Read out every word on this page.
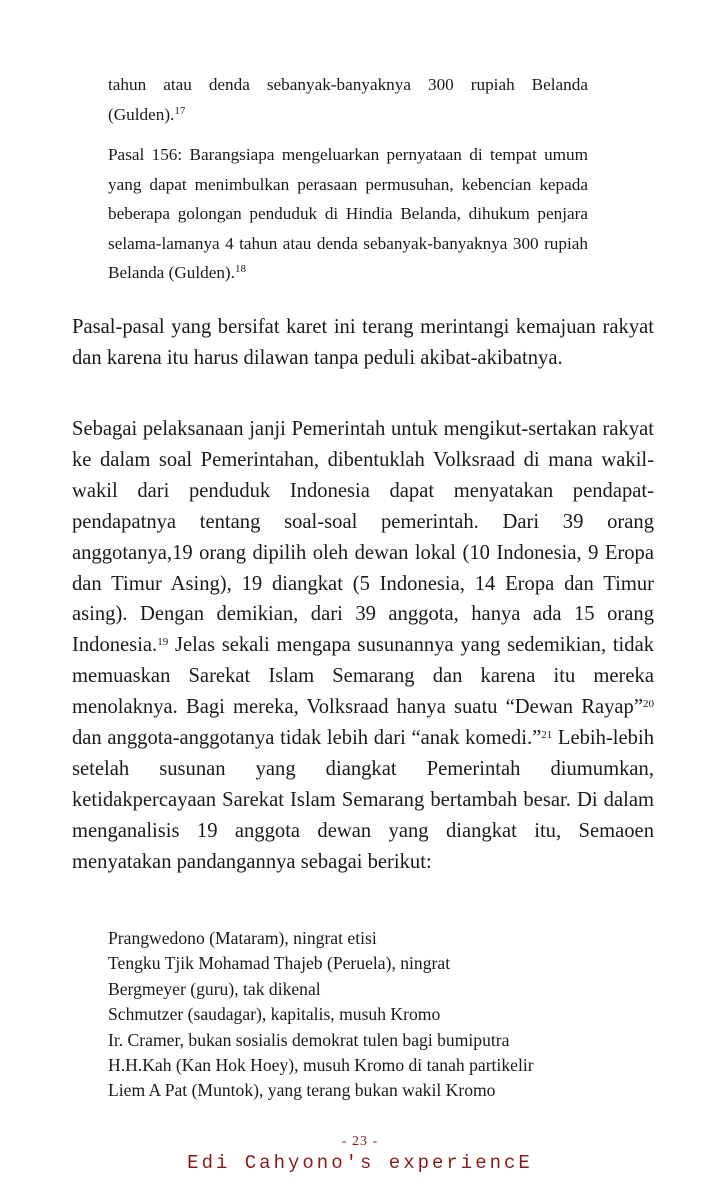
tahun atau denda sebanyak-banyaknya 300 rupiah Belanda (Gulden).$^{17}$

Pasal 156: Barangsiapa mengeluarkan pernyataan di tempat umum yang dapat menimbulkan perasaan permusuhan, kebencian kepada beberapa golongan penduduk di Hindia Belanda, dihukum penjara selama-lamanya 4 tahun atau denda sebanyak-banyaknya 300 rupiah Belanda (Gulden).$^{18}$

Pasal-pasal yang bersifat karet ini terang merintangi kemajuan rakyat dan karena itu harus dilawan tanpa peduli akibat-akibatnya.

Sebagai pelaksanaan janji Pemerintah untuk mengikut-sertakan rakyat ke dalam soal Pemerintahan, dibentuklah Volksraad di mana wakil-wakil dari penduduk Indonesia dapat menyatakan pendapat-pendapatnya tentang soal-soal pemerintah. Dari 39 orang anggotanya,19 orang dipilih oleh dewan lokal (10 Indonesia, 9 Eropa dan Timur Asing), 19 diangkat (5 Indonesia, 14 Eropa dan Timur asing). Dengan demikian, dari 39 anggota, hanya ada 15 orang Indonesia.$^{19}$ Jelas sekali mengapa susunannya yang sedemikian, tidak memuaskan Sarekat Islam Semarang dan karena itu mereka menolaknya. Bagi mereka, Volksraad hanya suatu “Dewan Rayap”$^{20}$ dan anggota-anggotanya tidak lebih dari “anak komedi.”$^{21}$ Lebih-lebih setelah susunan yang diangkat Pemerintah diumumkan, ketidakpercayaan Sarekat Islam Semarang bertambah besar. Di dalam menganalisis 19 anggota dewan yang diangkat itu, Semaoen menyatakan pandangannya sebagai berikut:

Prangwedono (Mataram), ningrat etisi
Tengku Tjik Mohamad Thajeb (Peruela), ningrat
Bergmeyer (guru), tak dikenal
Schmutzer (saudagar), kapitalis, musuh Kromo
Ir. Cramer, bukan sosialis demokrat tulen bagi bumiputra
H.H.Kah (Kan Hok Hoey), musuh Kromo di tanah partikelir
Liem A Pat (Muntok), yang terang bukan wakil Kromo
- 23 -
Edi Cahyono's experiencE
